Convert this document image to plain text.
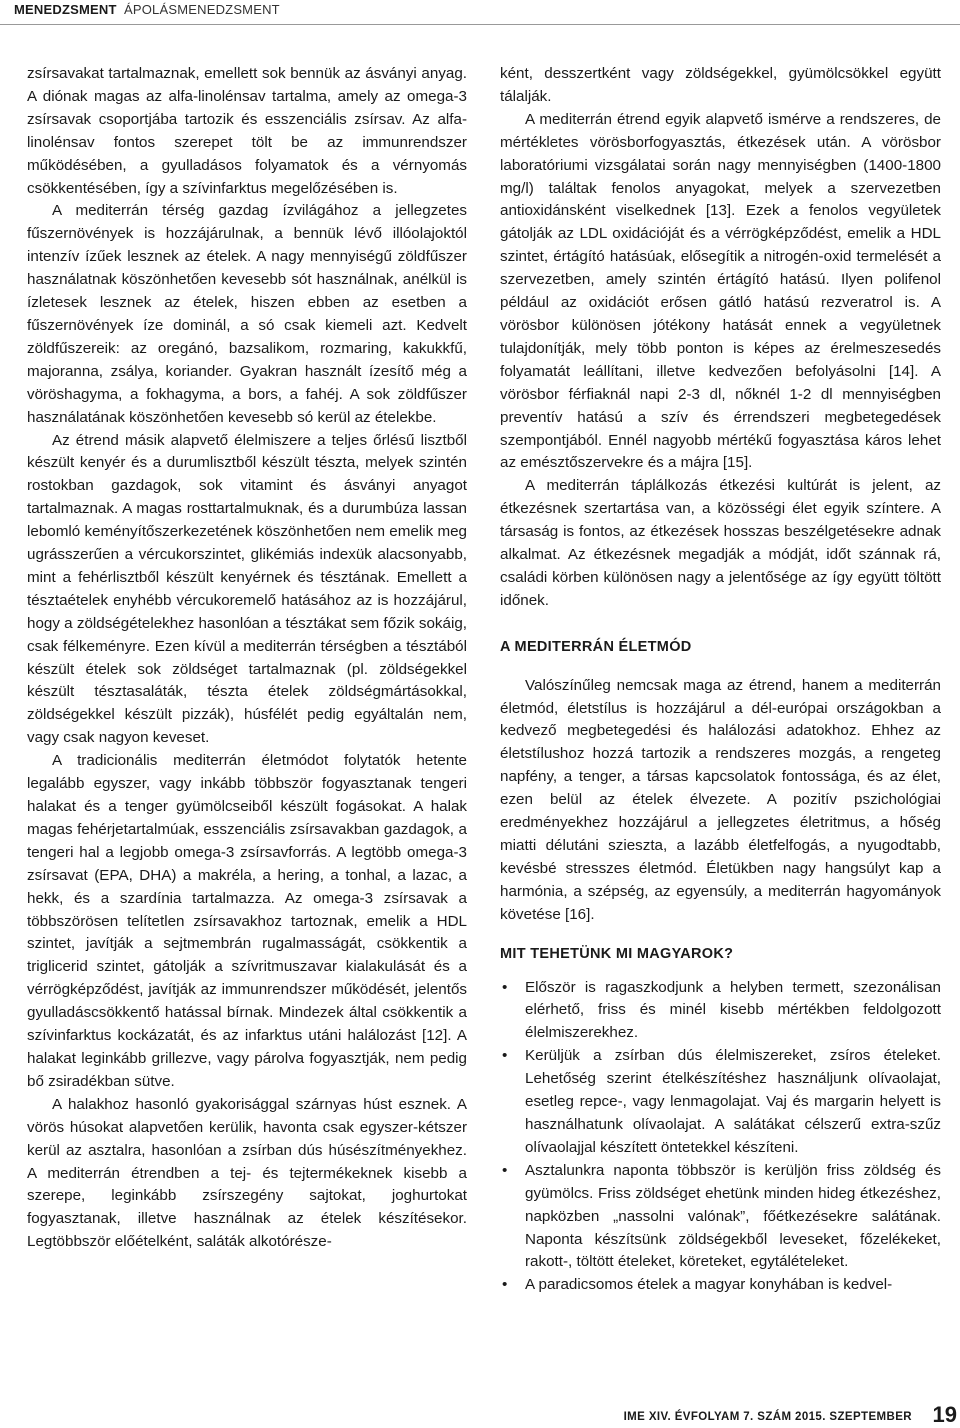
MENEDZSMENT ÁPOLÁSMENEDZSMENT

zsírsavakat tartalmaznak, emellett sok bennük az ásványi anyag. A diónak magas az alfa-linolénsav tartalma, amely az omega-3 zsírsavak csoportjába tartozik és esszenciális zsírsav. Az alfa-linolénsav fontos szerepet tölt be az immunrendszer működésében, a gyulladásos folyamatok és a vérnyomás csökkentésében, így a szívinfarktus megelőzésében is.

A mediterrán térség gazdag ízvilágához a jellegzetes fűszernövények is hozzájárulnak, a bennük lévő illóolajoktól intenzív ízűek lesznek az ételek. A nagy mennyiségű zöldfűszer használatnak köszönhetően kevesebb sót használnak, anélkül is ízletesek lesznek az ételek, hiszen ebben az esetben a fűszernövények íze dominál, a só csak kiemeli azt. Kedvelt zöldfűszereik: az oregánó, bazsalikom, rozmaring, kakukkfű, majoranna, zsálya, koriander. Gyakran használt ízesítő még a vöröshagyma, a fokhagyma, a bors, a fahéj. A sok zöldfűszer használatának köszönhetően kevesebb só kerül az ételekbe.

Az étrend másik alapvető élelmiszere a teljes őrlésű lisztből készült kenyér és a durumlisztből készült tészta, melyek szintén rostokban gazdagok, sok vitamint és ásványi anyagot tartalmaznak. A magas rosttartalmuknak, és a durumbúza lassan lebomló keményítőszerkezetének köszönhetően nem emelik meg ugrásszerűen a vércukorszintet, glikémiás indexük alacsonyabb, mint a fehérlisztből készült kenyérnek és tésztának. Emellett a tésztaételek enyhébb vércukoremelő hatásához az is hozzájárul, hogy a zöldségételekhez hasonlóan a tésztákat sem főzik sokáig, csak félkeményre. Ezen kívül a mediterrán térségben a tésztából készült ételek sok zöldséget tartalmaznak (pl. zöldségekkel készült tésztasaláták, tészta ételek zöldségmártásokkal, zöldségekkel készült pizzák), húsfélét pedig egyáltalán nem, vagy csak nagyon keveset.

A tradicionális mediterrán életmódot folytatók hetente legalább egyszer, vagy inkább többször fogyasztanak tengeri halakat és a tenger gyümölcseiből készült fogásokat. A halak magas fehérjetartalmúak, esszenciális zsírsavakban gazdagok, a tengeri hal a legjobb omega-3 zsírsavforrás. A legtöbb omega-3 zsírsavat (EPA, DHA) a makréla, a hering, a tonhal, a lazac, a hekk, és a szardínia tartalmazza. Az omega-3 zsírsavak a többszörösen telítetlen zsírsavakhoz tartoznak, emelik a HDL szintet, javítják a sejtmembrán rugalmasságát, csökkentik a triglicerid szintet, gátolják a szívritmuszavar kialakulását és a vérrögképződést, javítják az immunrendszer működését, jelentős gyulladáscsökkentő hatással bírnak. Mindezek által csökkentik a szívinfarktus kockázatát, és az infarktus utáni halálozást [12]. A halakat leginkább grillezve, vagy párolva fogyasztják, nem pedig bő zsiradékban sütve.

A halakhoz hasonló gyakorisággal szárnyas húst esznek. A vörös húsokat alapvetően kerülik, havonta csak egyszer-kétszer kerül az asztalra, hasonlóan a zsírban dús húsészítményekhez. A mediterrán étrendben a tej- és tejtermékeknek kisebb a szerepe, leginkább zsírszegény sajtokat, joghurtokat fogyasztanak, illetve használnak az ételek készítésekor. Legtöbbször előételként, saláták alkotórésze-

ként, desszertként vagy zöldségekkel, gyümölcsökkel együtt tálalják.

A mediterrán étrend egyik alapvető ismérve a rendszeres, de mértékletes vörösborfogyasztás, étkezések után. A vörösbor laboratóriumi vizsgálatai során nagy mennyiségben (1400-1800 mg/l) találtak fenolos anyagokat, melyek a szervezetben antioxidánsként viselkednek [13]. Ezek a fenolos vegyületek gátolják az LDL oxidációját és a vérrögképződést, emelik a HDL szintet, értágító hatásúak, elősegítik a nitrogén-oxid termelését a szervezetben, amely szintén értágító hatású. Ilyen polifenol például az oxidációt erősen gátló hatású rezveratrol is. A vörösbor különösen jótékony hatását ennek a vegyületnek tulajdonítják, mely több ponton is képes az érelmeszesedés folyamatát leállítani, illetve kedvezően befolyásolni [14]. A vörösbor férfiaknál napi 2-3 dl, nőknél 1-2 dl mennyiségben preventív hatású a szív és érrendszeri megbetegedések szempontjából. Ennél nagyobb mértékű fogyasztása káros lehet az emésztőszervekre és a májra [15].

A mediterrán táplálkozás étkezési kultúrát is jelent, az étkezésnek szertartása van, a közösségi élet egyik színtere. A társaság is fontos, az étkezések hosszas beszélgetésekre adnak alkalmat. Az étkezésnek megadják a módját, időt szánnak rá, családi körben különösen nagy a jelentősége az így együtt töltött időnek.

A MEDITERRÁN ÉLETMÓD

Valószínűleg nemcsak maga az étrend, hanem a mediterrán életmód, életstílus is hozzájárul a dél-európai országokban a kedvező megbetegedési és halálozási adatokhoz. Ehhez az életstílushoz hozzá tartozik a rendszeres mozgás, a rengeteg napfény, a tenger, a társas kapcsolatok fontossága, és az élet, ezen belül az ételek élvezete. A pozitív pszichológiai eredményekhez hozzájárul a jellegzetes életritmus, a hőség miatti délutáni szieszta, a lazább életfelfogás, a nyugodtabb, kevésbé stresszes életmód. Életükben nagy hangsúlyt kap a harmónia, a szépség, az egyensúly, a mediterrán hagyományok követése [16].

MIT TEHETÜNK MI MAGYAROK?
• Először is ragaszkodjunk a helyben termett, szezonálisan elérhető, friss és minél kisebb mértékben feldolgozott élelmiszerekhez.
• Kerüljük a zsírban dús élelmiszereket, zsíros ételeket. Lehetőség szerint ételkészítéshez használjunk olívaolajat, esetleg repce-, vagy lenmagolajat. Vaj és margarin helyett is használhatunk olívaolajat. A salátákat célszerű extra-szűz olívaolajjal készített öntetekkel készíteni.
• Asztalunkra naponta többször is kerüljön friss zöldség és gyümölcs. Friss zöldséget ehetünk minden hideg étkezéshez, napközben „nassolni valónak”, főétkezésekre salátának. Naponta készítsünk zöldségekből leveseket, főzelékeket, rakott-, töltött ételeket, köreteket, egytálételeket.
• A paradicsomos ételek a magyar konyhában is kedvel-
IME XIV. ÉVFOLYAM 7. SZÁM 2015. SZEPTEMBER 19
